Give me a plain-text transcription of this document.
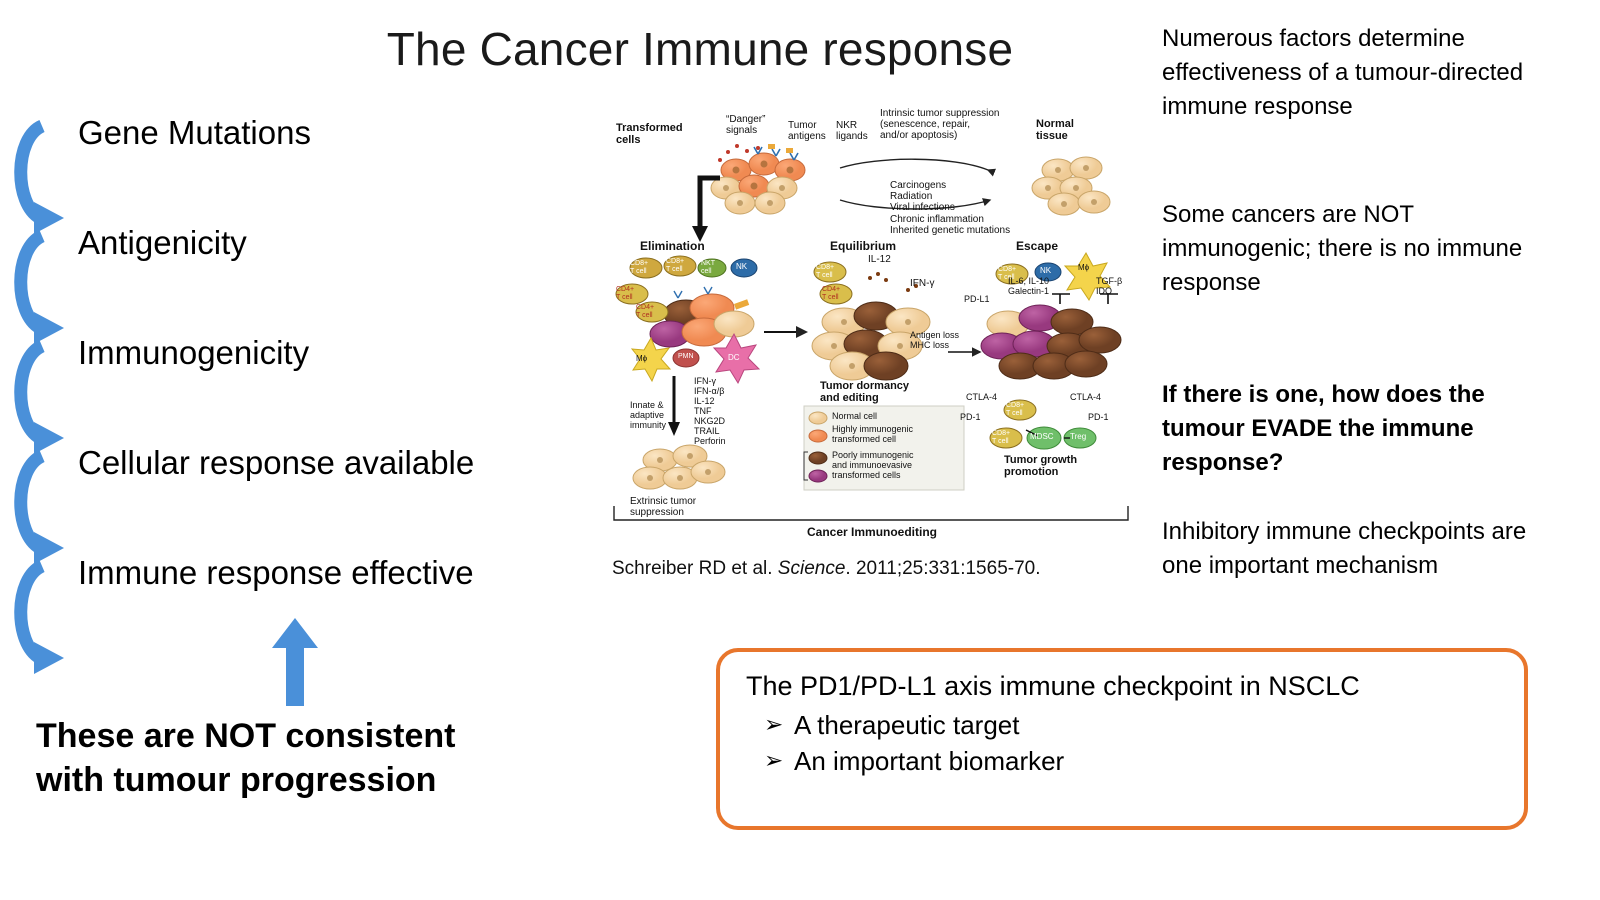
The Cancer Immune response
Gene Mutations
Antigenicity
Immunogenicity
Cellular response available
Immune response effective
These are NOT consistent
with tumour progression
Transformed
cells
“Danger”
signals	Tumor
antigens
NKR
ligands
Intrinsic tumor suppression
(senescence, repair,
and/or apoptosis)
Normal
tissue
Carcinogens
Radiation
Viral infections
Chronic inflammation
Inherited genetic mutations
Elimination	Equilibrium	Escape
CD8+
T cell
CD8+
T cell
NKT
cell
NK
CD4+
T cell
CD4+
T cell
Mϕ	PMN	DC
IFN-γ
IFN-α/β
IL-12
TNF
NKG2D
TRAIL
Perforin
Innate &
adaptive
immunity
Extrinsic tumor
suppression
CD8+
T cell
CD4+
T cell
IL-12
IFN-γ
Tumor dormancy
and editing
CD8+
T cell
NK	Mϕ
CD8+
T cell
CD8+
T cell
MDSC Treg
PD-L1
IL-6, IL-10
Galectin-1
TGF-β
IDO
Antigen loss
MHC loss
CTLA-4
PD-1
CTLA-4
PD-1
Tumor growth
promotion
Normal cell
Highly immunogenic
transformed cell
Poorly immunogenic
and immunoevasive
transformed cells
Cancer Immunoediting
Schreiber RD et al. Science. 2011;25:331:1565-70.
Numerous factors determine effectiveness of a tumour-directed immune response
Some cancers are NOT immunogenic; there is no immune response
If there is one, how does the tumour EVADE the immune response?
Inhibitory immune checkpoints are one important mechanism
The PD1/PD-L1 axis immune checkpoint in NSCLC
➢ A therapeutic target
➢ An important biomarker
